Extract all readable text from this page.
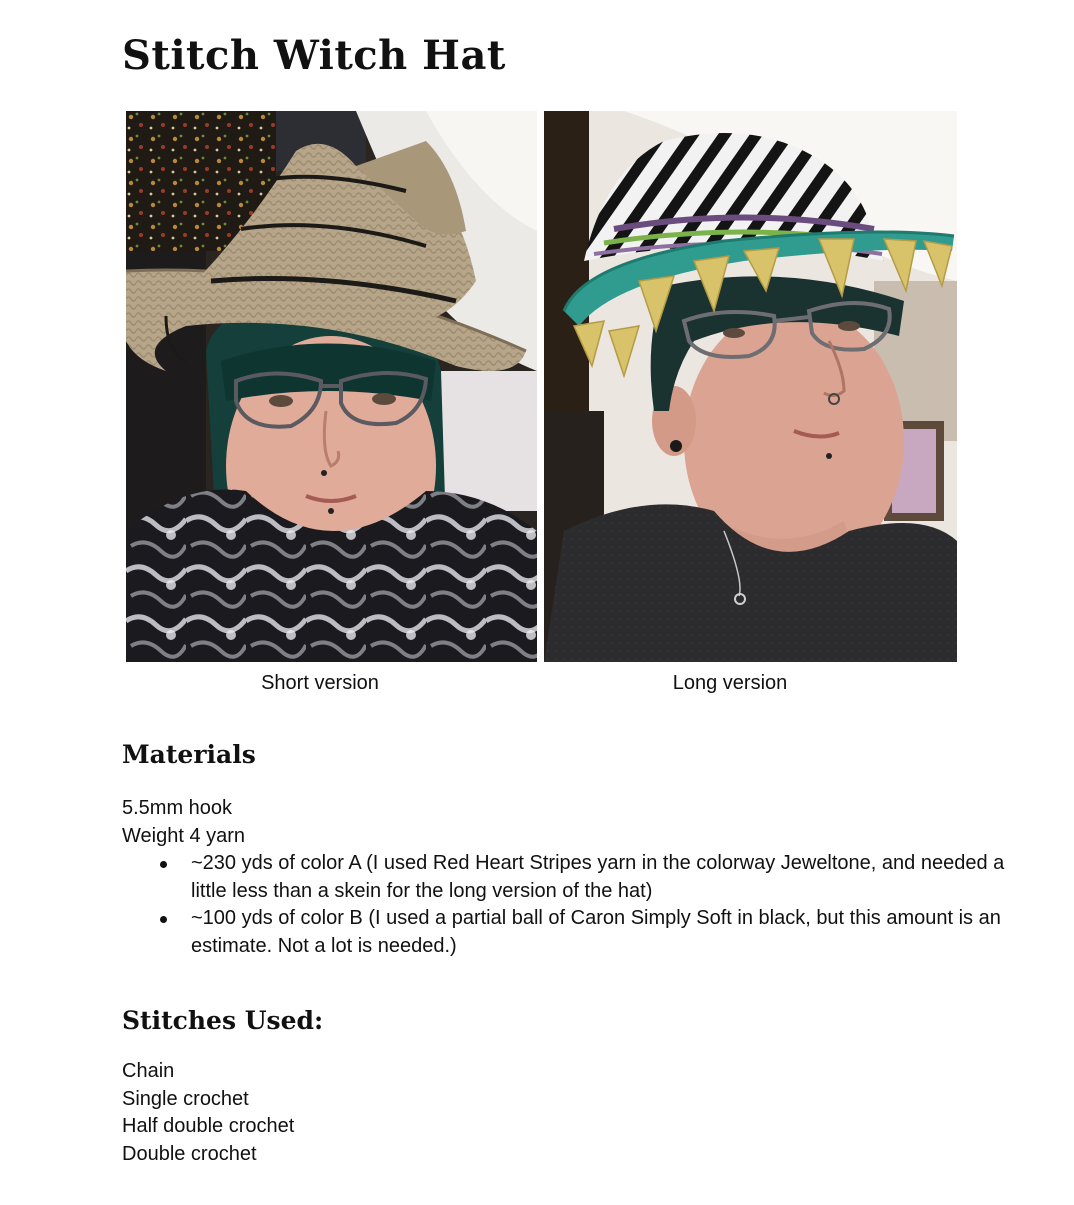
Stitch Witch Hat

Short version	Long version

Materials
5.5mm hook
Weight 4 yarn
~230 yds of color A (I used Red Heart Stripes yarn in the colorway Jeweltone, and needed a little less than a skein for the long version of the hat)
~100 yds of color B (I used a partial ball of Caron Simply Soft in black, but this amount is an estimate. Not a lot is needed.)
Stitches Used:
Chain
Single crochet
Half double crochet
Double crochet
